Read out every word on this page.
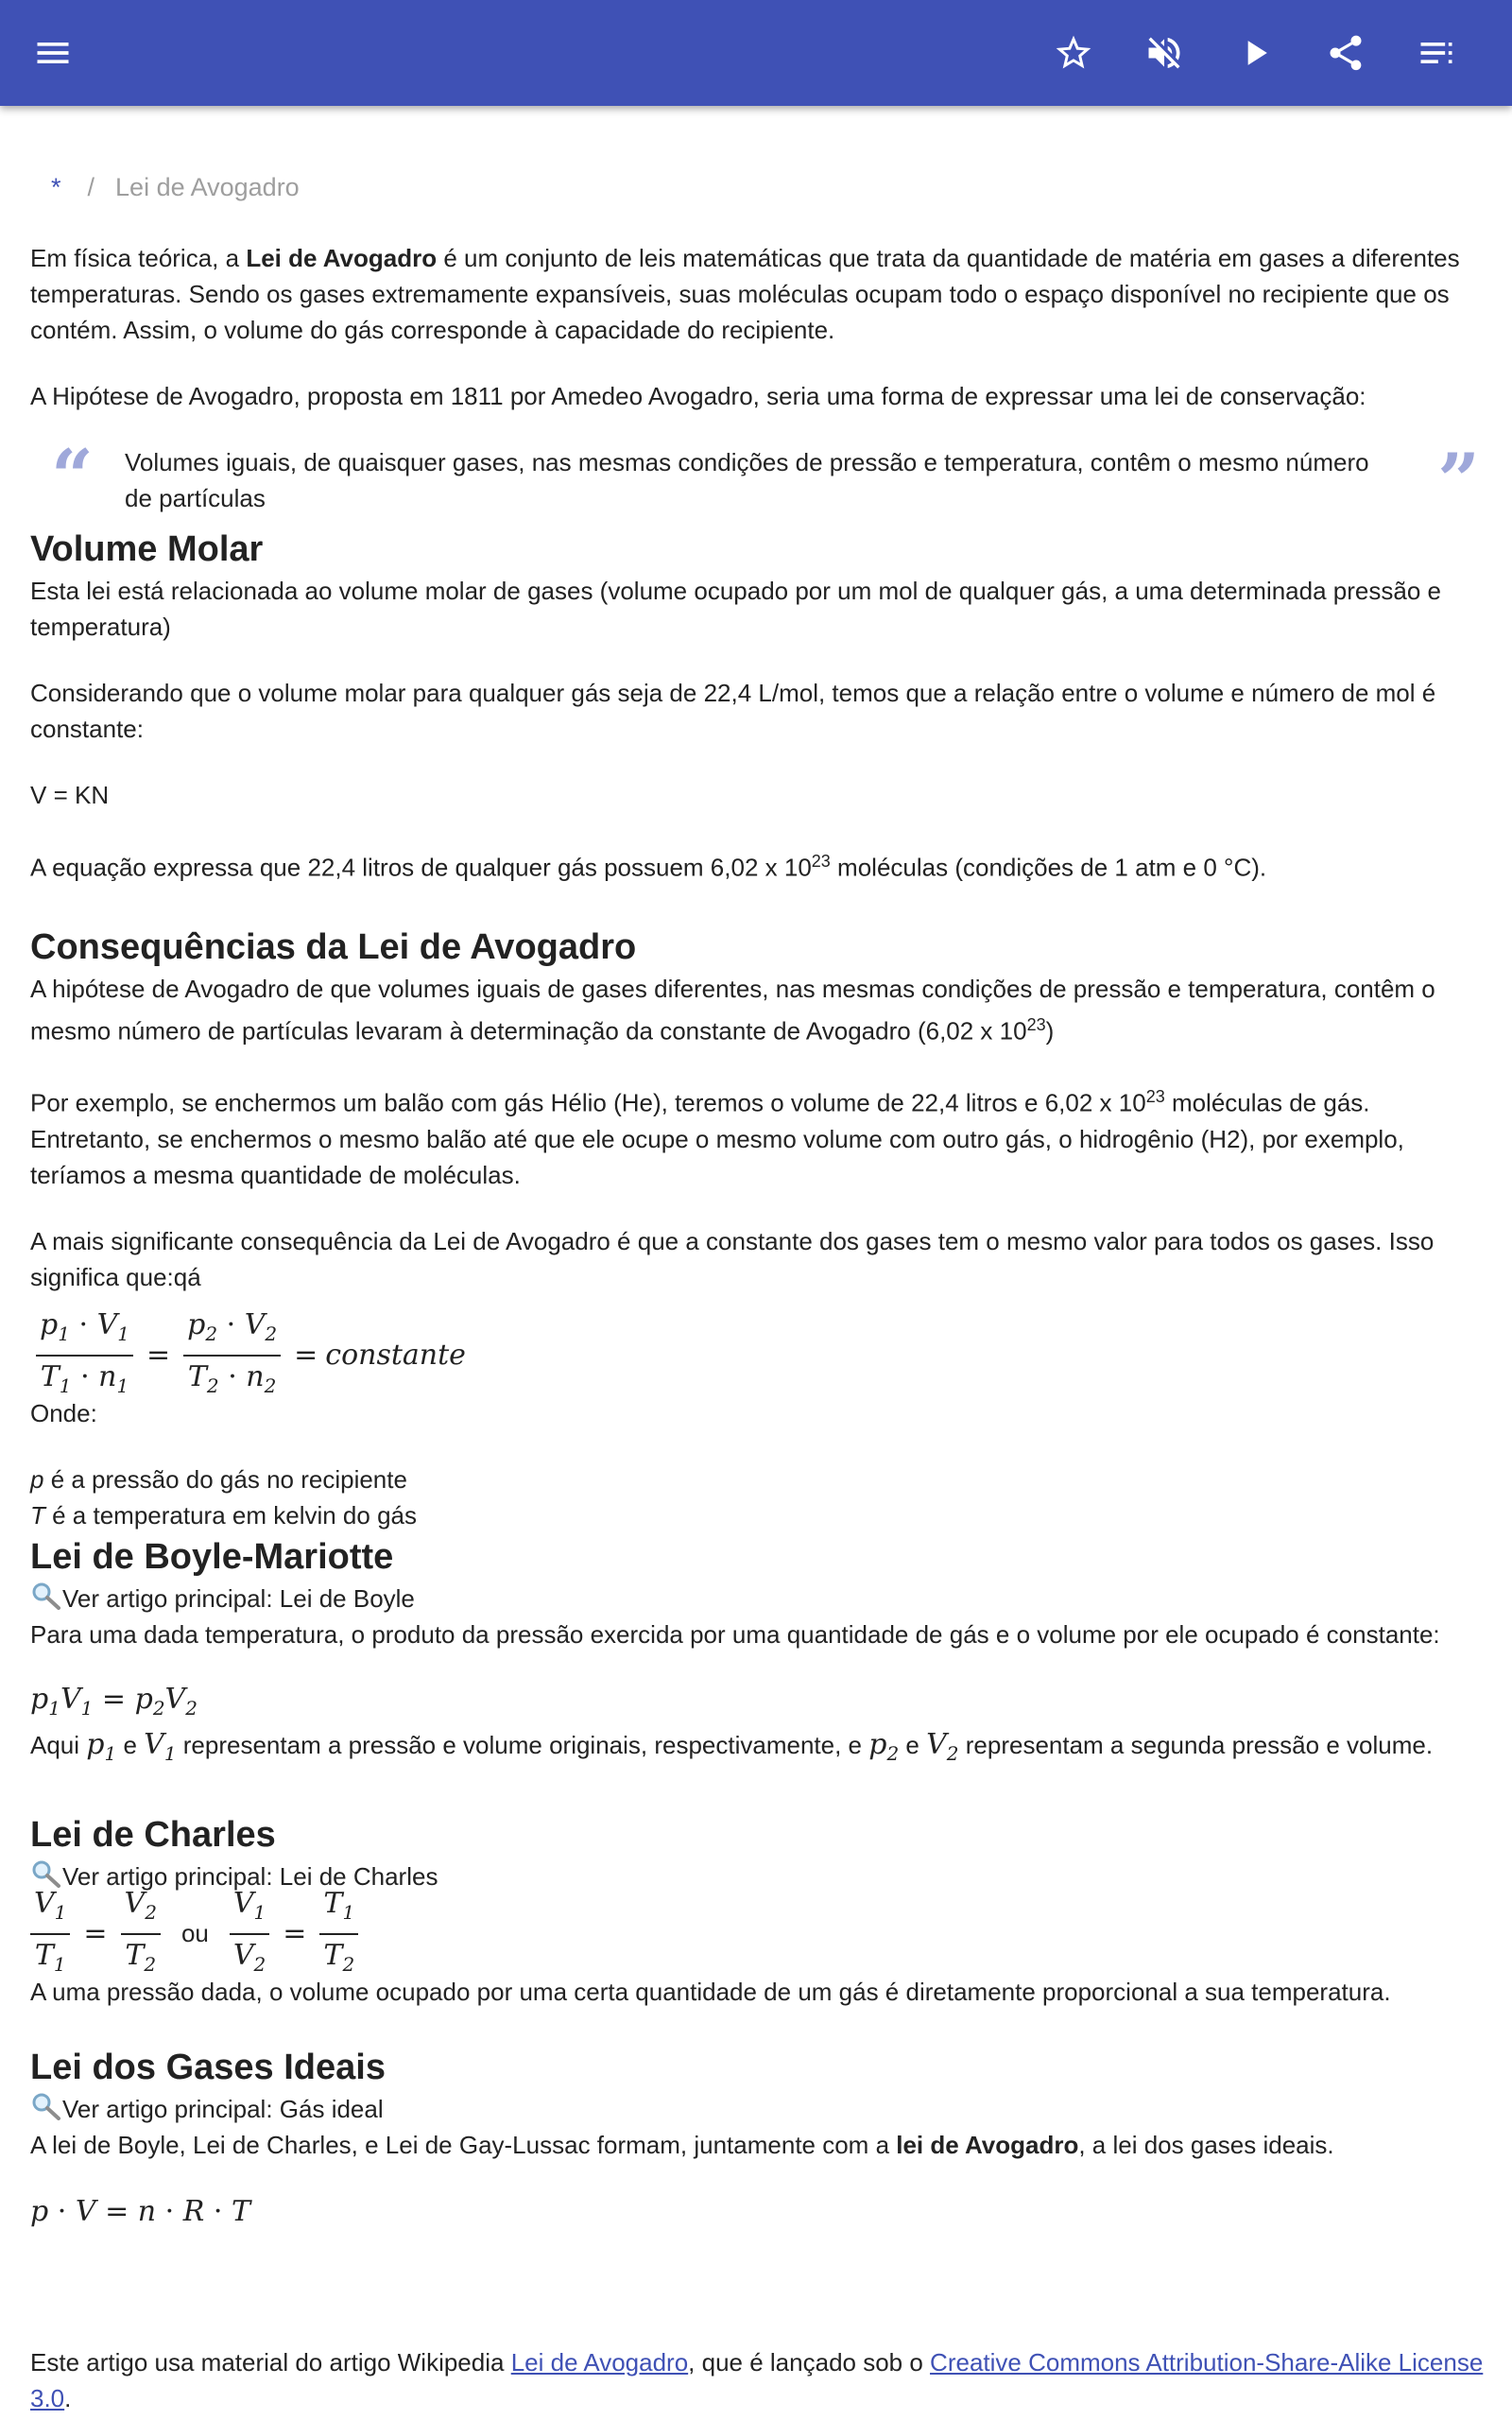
* / Lei de Avogadro

Em física teórica, a Lei de Avogadro é um conjunto de leis matemáticas que trata da quantidade de matéria em gases a diferentes temperaturas. Sendo os gases extremamente expansíveis, suas moléculas ocupam todo o espaço disponível no recipiente que os contém. Assim, o volume do gás corresponde à capacidade do recipiente.

A Hipótese de Avogadro, proposta em 1811 por Amedeo Avogadro, seria uma forma de expressar uma lei de conservação:

“ Volumes iguais, de quaisquer gases, nas mesmas condições de pressão e temperatura, contêm o mesmo número de partículas	”
Volume Molar

Esta lei está relacionada ao volume molar de gases (volume ocupado por um mol de qualquer gás, a uma determinada pressão e temperatura)

Considerando que o volume molar para qualquer gás seja de 22,4 L/mol, temos que a relação entre o volume e número de mol é constante:

V = KN

A equação expressa que 22,4 litros de qualquer gás possuem 6,02 x $10^{23}$ moléculas (condições de 1 atm e 0 °C).

Consequências da Lei de Avogadro

A hipótese de Avogadro de que volumes iguais de gases diferentes, nas mesmas condições de pressão e temperatura, contêm o mesmo número de partículas levaram à determinação da constante de Avogadro (6,02 x $10^{23}$)

Por exemplo, se enchermos um balão com gás Hélio (He), teremos o volume de 22,4 litros e 6,02 x $10^{23}$ moléculas de gás. Entretanto, se enchermos o mesmo balão até que ele ocupe o mesmo volume com outro gás, o hidrogênio (H2), por exemplo, teríamos a mesma quantidade de moléculas.

A mais significante consequência da Lei de Avogadro é que a constante dos gases tem o mesmo valor para todos os gases. Isso significa que:qá

$\frac{p_1 \cdot V_1}{T_1 \cdot n_1} = \frac{p_2 \cdot V_2}{T_2 \cdot n_2}$ = constante

Onde:

p é a pressão do gás no recipiente

T é a temperatura em kelvin do gás

Lei de Boyle-Mariotte

Ver artigo principal: Lei de Boyle

Para uma dada temperatura, o produto da pressão exercida por uma quantidade de gás e o volume por ele ocupado é constante:

$p_1V_1 = p_2V_2$

Aqui $p_1$ e $V_1$ representam a pressão e volume originais, respectivamente, e $p_2$ e $V_2$ representam a segunda pressão e volume.

Lei de Charles

Ver artigo principal: Lei de Charles

$\frac{V_1}{T_1} = \frac{V_2}{T_2}$ ou $\frac{V_1}{V_2} = \frac{T_1}{T_2}$

A uma pressão dada, o volume ocupado por uma certa quantidade de um gás é diretamente proporcional a sua temperatura.

Lei dos Gases Ideais

Ver artigo principal: Gás ideal

A lei de Boyle, Lei de Charles, e Lei de Gay-Lussac formam, juntamente com a lei de Avogadro, a lei dos gases ideais.

p · V = n · R · T

Este artigo usa material do artigo Wikipedia Lei de Avogadro, que é lançado sob o Creative Commons Attribution-Share-Alike License 3.0.
